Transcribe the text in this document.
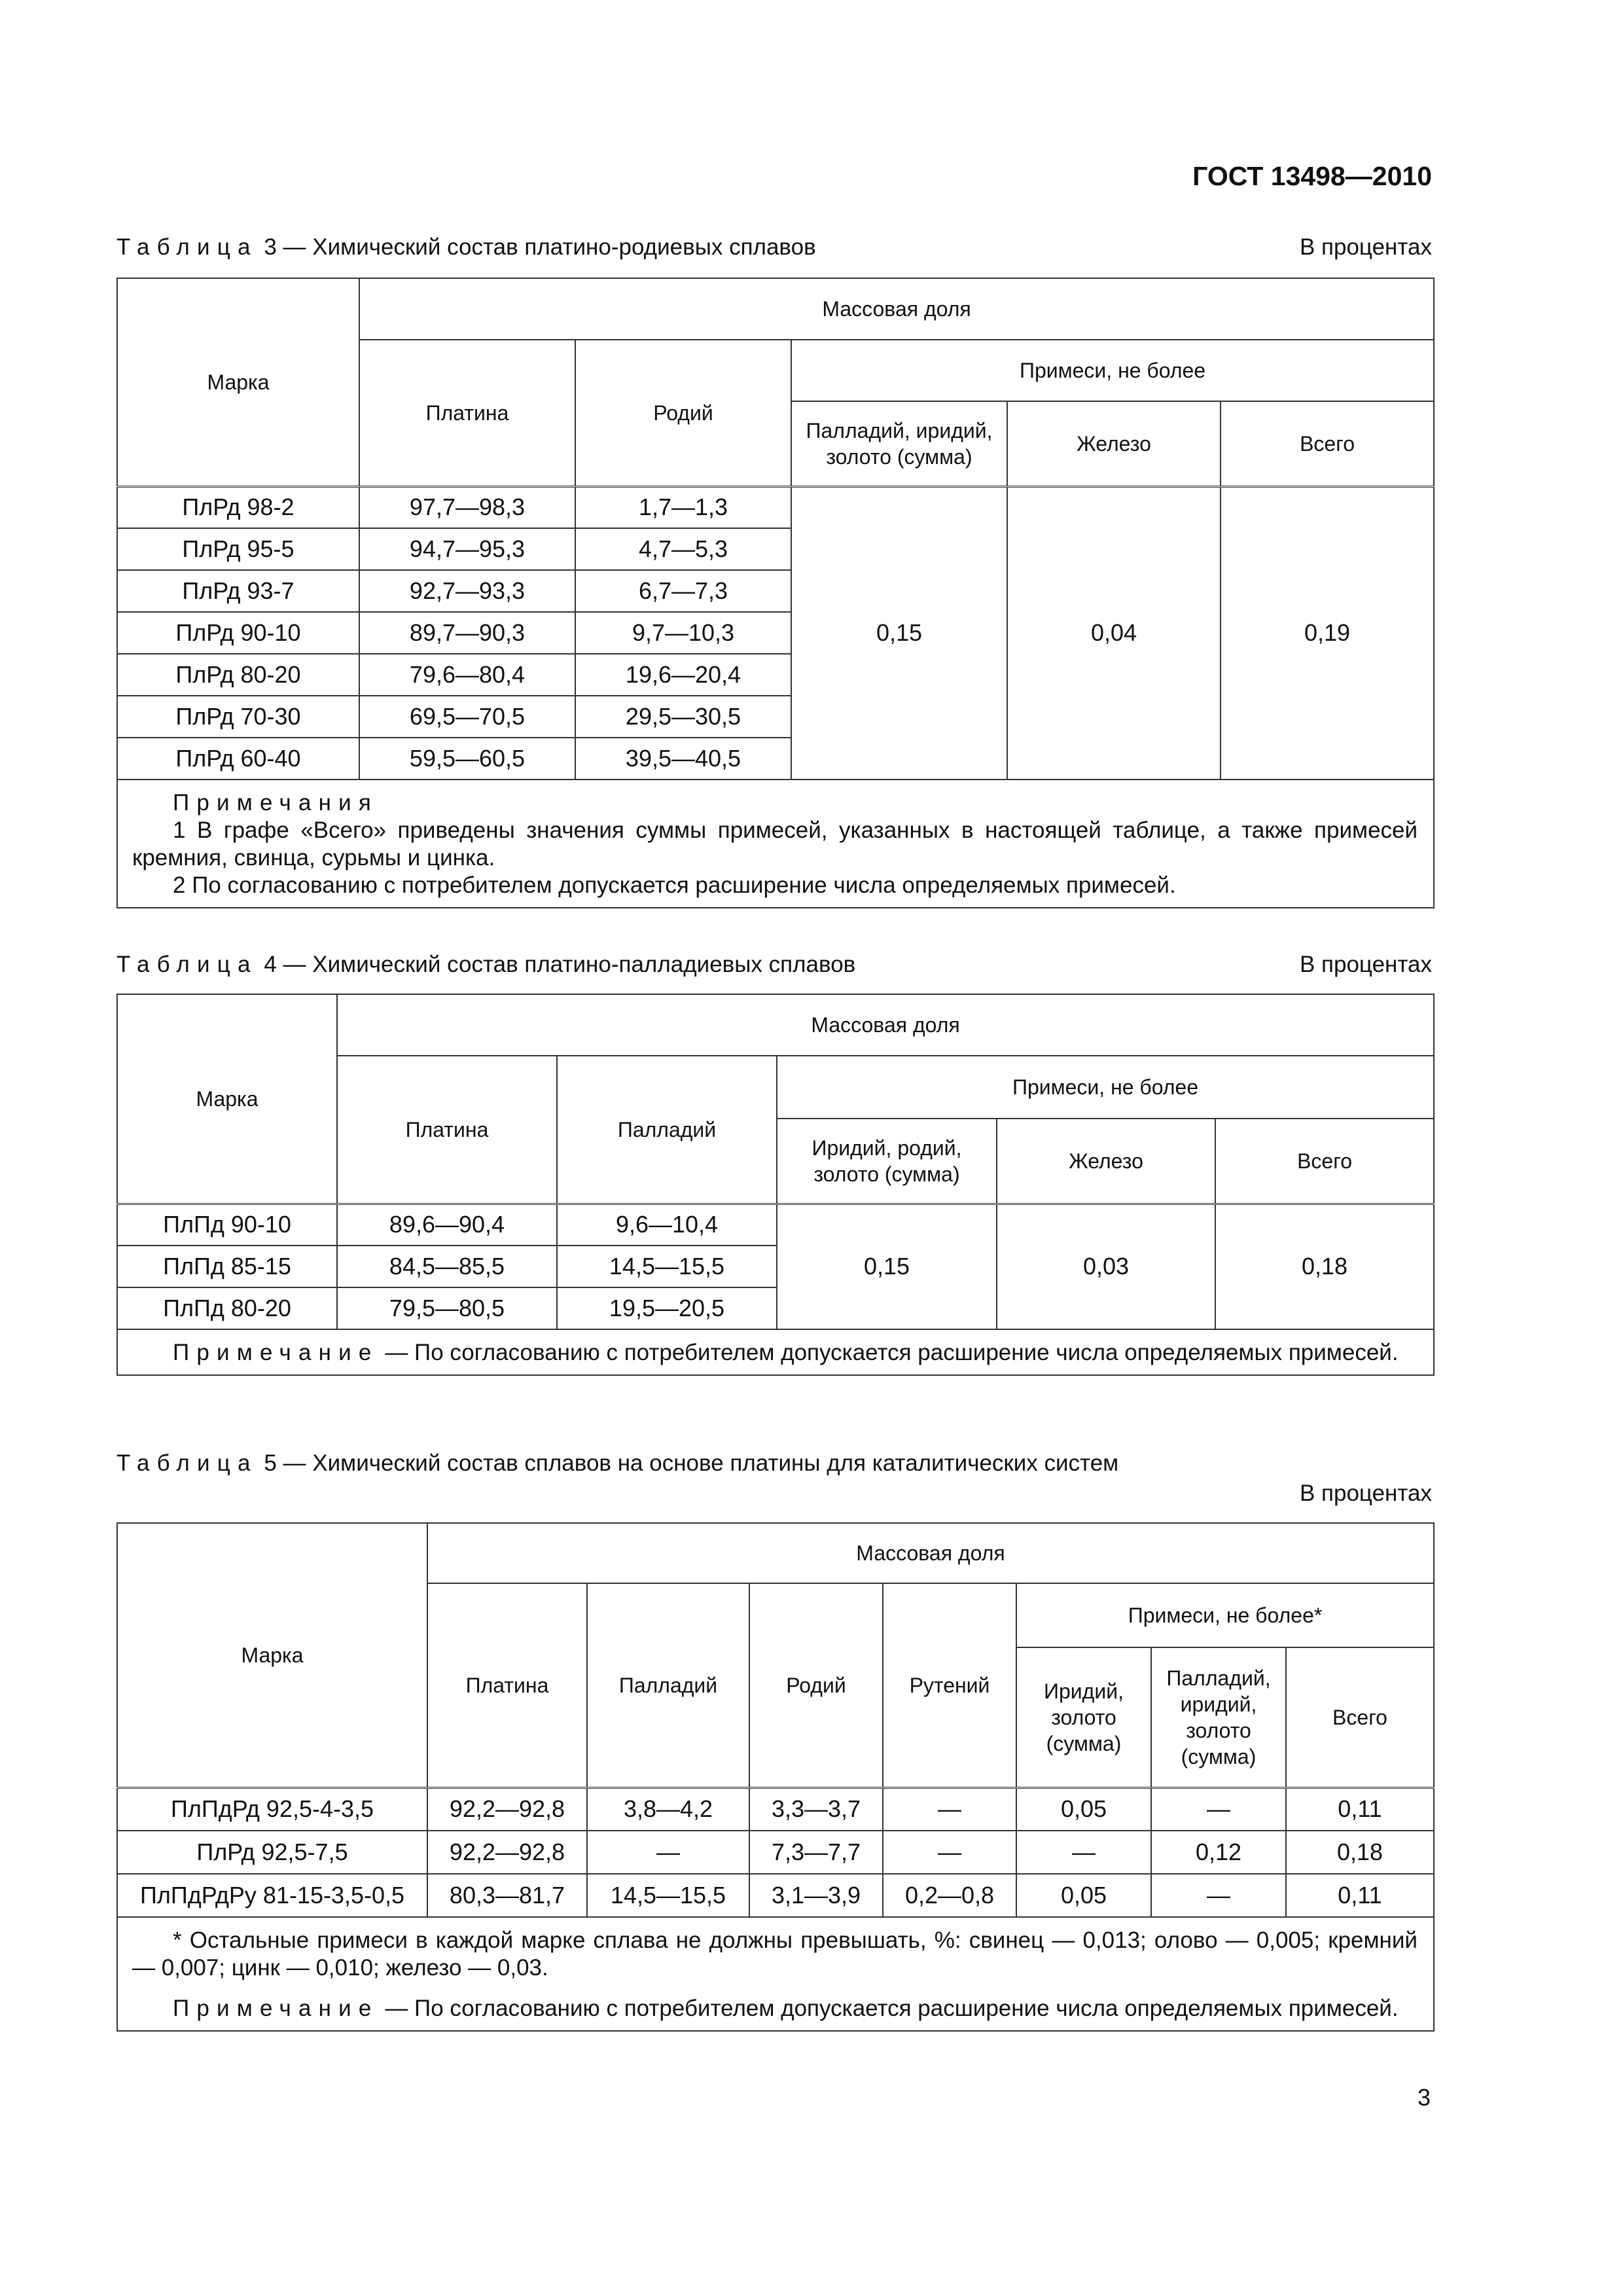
ГОСТ 13498—2010
Таблица 3 — Химический состав платино-родиевых сплавов	В процентах
Марка	Массовая доля				
	Платина	Родий	Примеси, не более		
			Палладий, иридий, золото (сумма)	Железо	Всего
ПлРд 98-2	97,7—98,3	1,7—1,3	0,15	0,04	0,19
ПлРд 95-5	94,7—95,3	4,7—5,3			
ПлРд 93-7	92,7—93,3	6,7—7,3			
ПлРд 90-10	89,7—90,3	9,7—10,3			
ПлРд 80-20	79,6—80,4	19,6—20,4			
ПлРд 70-30	69,5—70,5	29,5—30,5			
ПлРд 60-40	59,5—60,5	39,5—40,5			

Примечания

1 В графе «Всего» приведены значения суммы примесей, указанных в настоящей таблице, а также примесей кремния, свинца, сурьмы и цинка.

2 По согласованию с потребителем допускается расширение числа определяемых примесей.					

Таблица 4 — Химический состав платино-палладиевых сплавов	В процентах
Марка	Массовая доля				
	Платина	Палладий	Примеси, не более		
			Иридий, родий, золото (сумма)	Железо	Всего
ПлПд 90-10	89,6—90,4	9,6—10,4	0,15	0,03	0,18
ПлПд 85-15	84,5—85,5	14,5—15,5			
ПлПд 80-20	79,5—80,5	19,5—20,5			

Примечание — По согласованию с потребителем допускается расширение числа определяемых примесей.					

Таблица 5 — Химический состав сплавов на основе платины для каталитических систем
В процентах
Марка	Массовая доля						
	Платина	Палладий	Родий	Рутений	Примеси, не более*		
					Иридий, золото (сумма)	Палладий, иридий, золото (сумма)	Всего
ПлПдРд 92,5-4-3,5	92,2—92,8	3,8—4,2	3,3—3,7	—	0,05	—	0,11
ПлРд 92,5-7,5	92,2—92,8	—	7,3—7,7	—	—	0,12	0,18
ПлПдРдРу 81-15-3,5-0,5	80,3—81,7	14,5—15,5	3,1—3,9	0,2—0,8	0,05	—	0,11

* Остальные примеси в каждой марке сплава не должны превышать, %: свинец — 0,013; олово — 0,005; кремний — 0,007; цинк — 0,010; железо — 0,03.

Примечание — По согласованию с потребителем допускается расширение числа определяемых примесей.							

3
